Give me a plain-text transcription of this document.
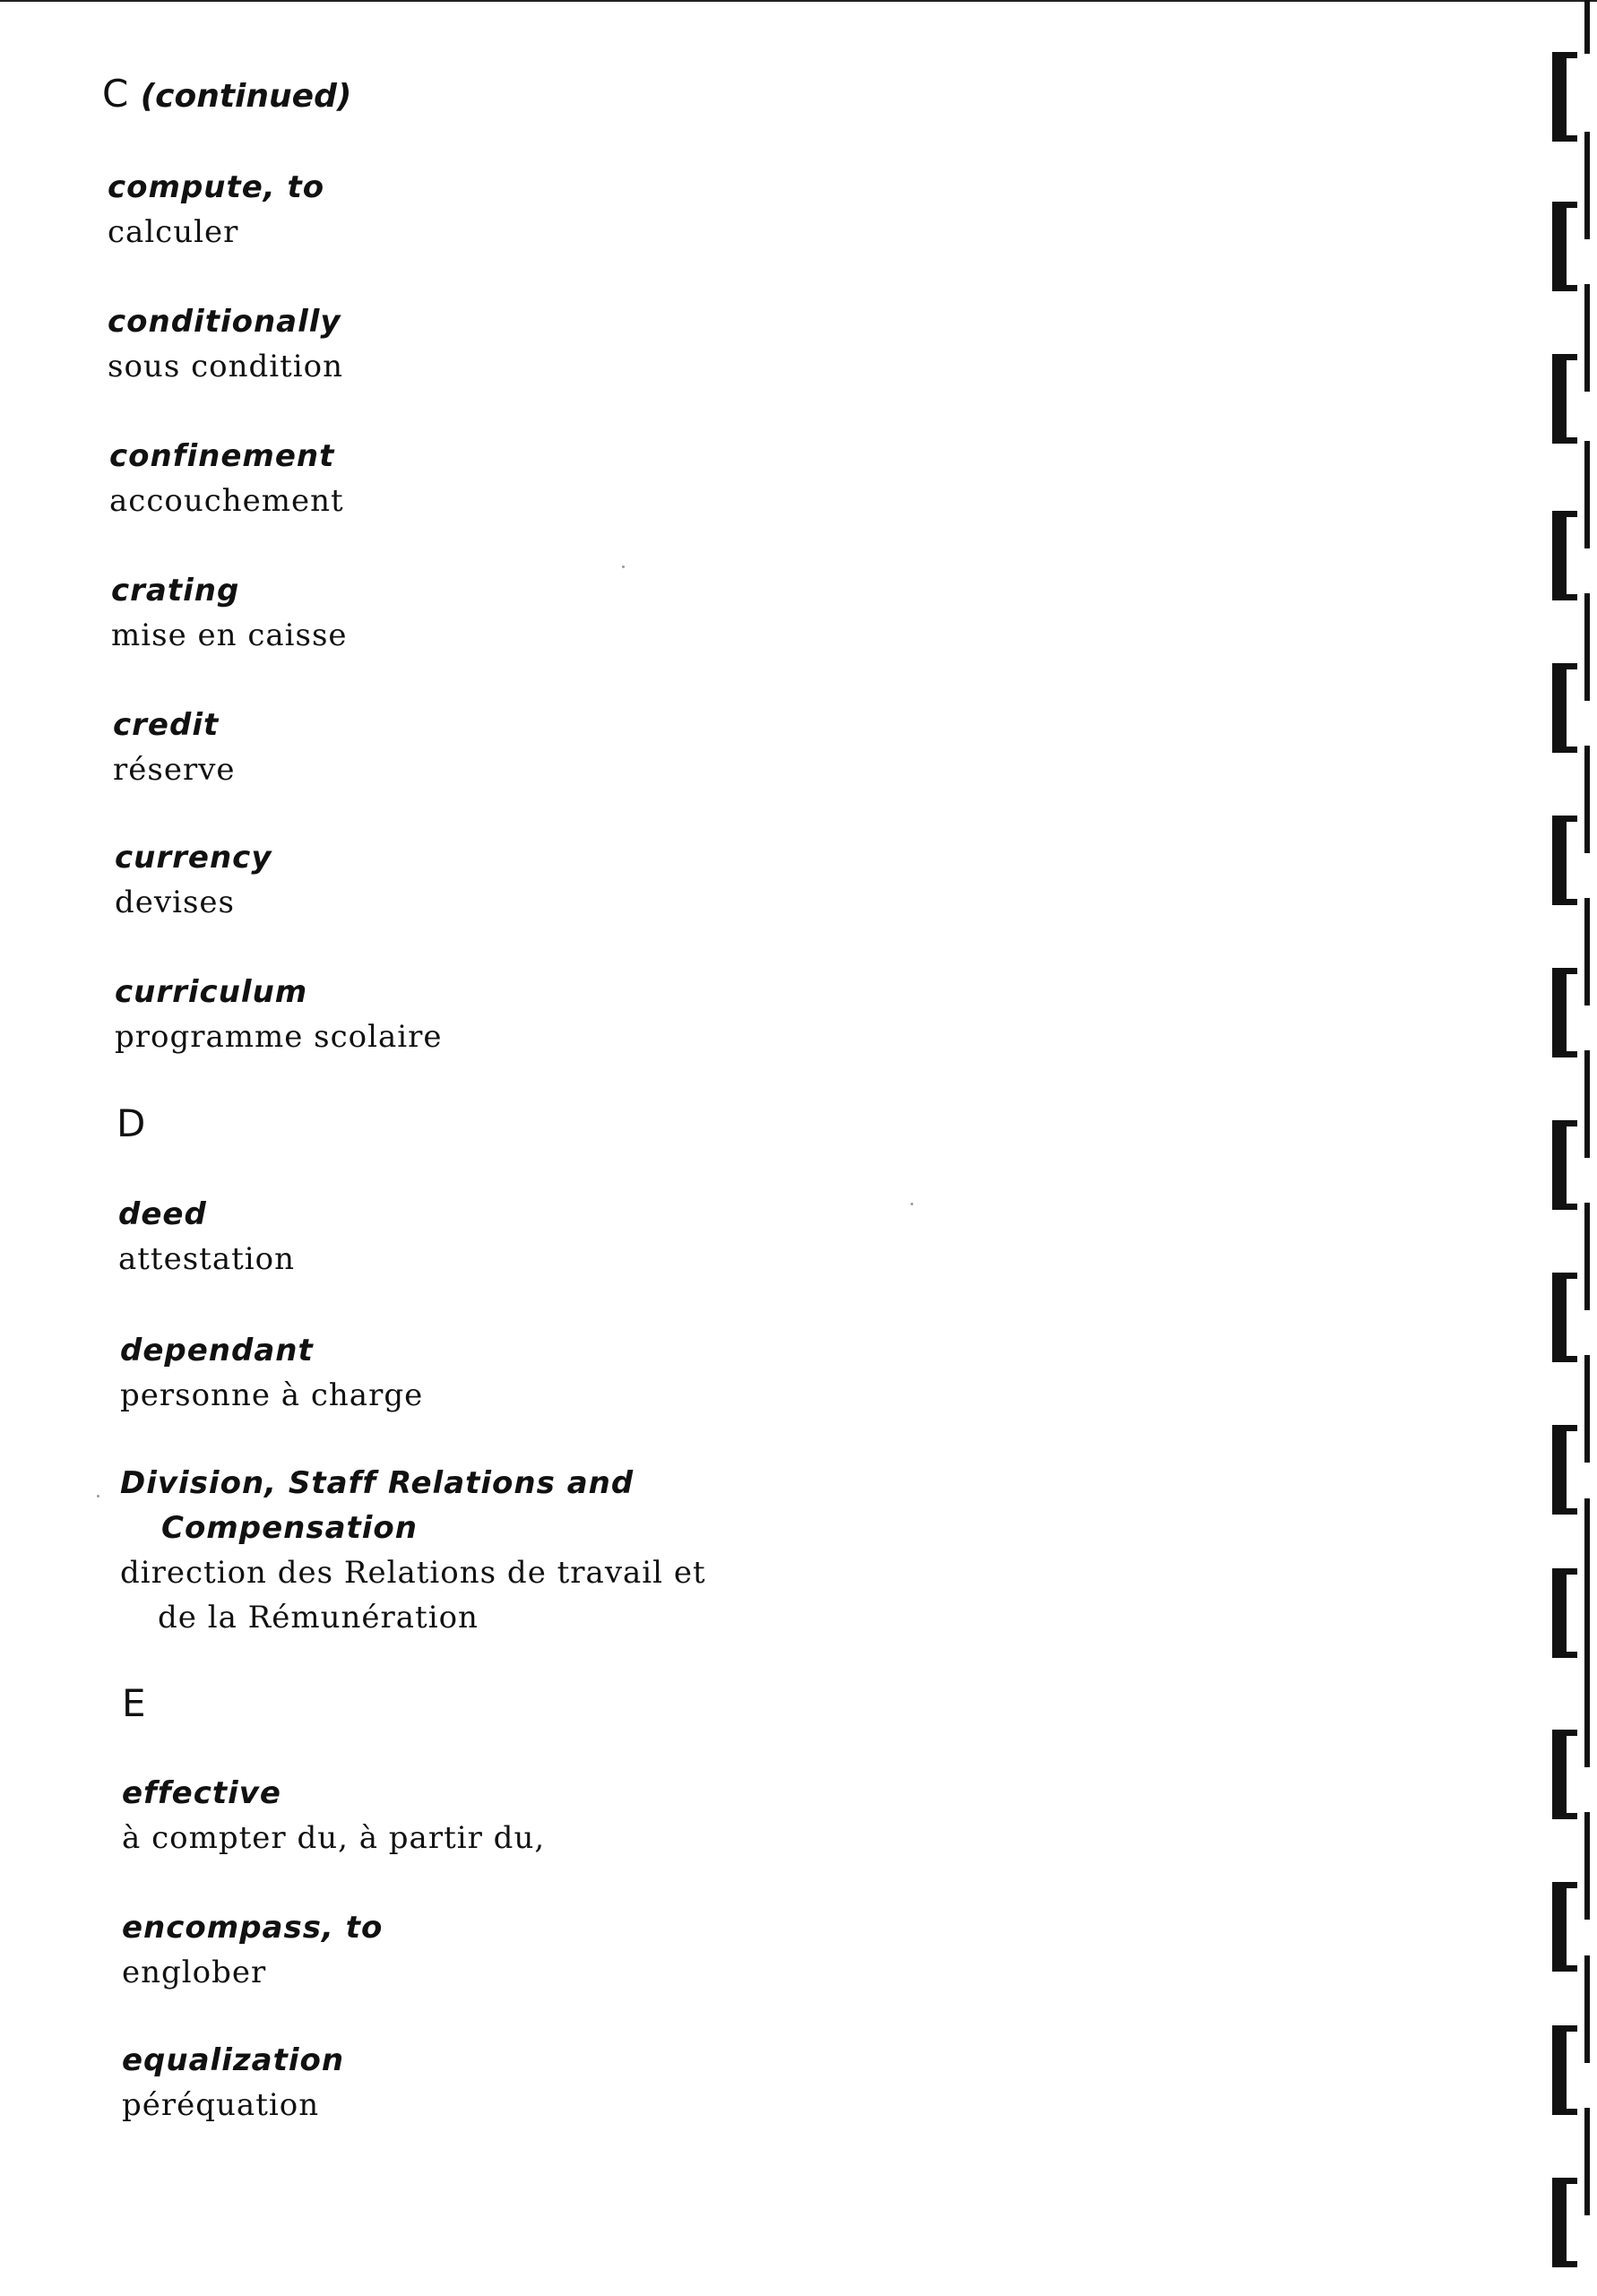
C (continued)
compute, to
calculer
conditionally
sous condition
confinement
accouchement
crating
mise en caisse
credit
réserve
currency
devises
curriculum
programme scolaire
D
deed
attestation
dependant
personne à charge
Division, Staff Relations and
Compensation
direction des Relations de travail et
de la Rémunération
E
effective
à compter du, à partir du,
encompass, to
englober
equalization
péréquation
